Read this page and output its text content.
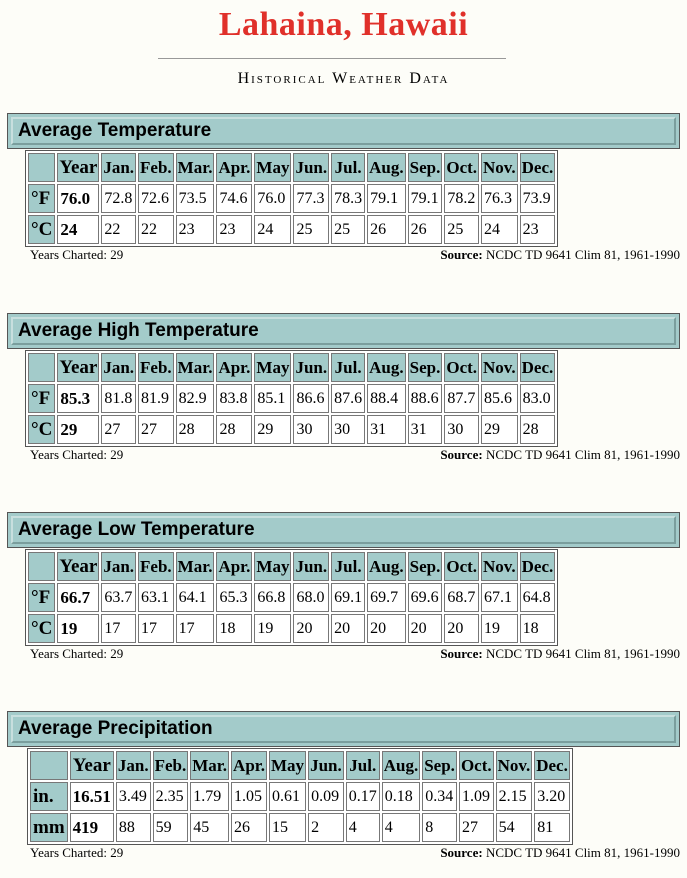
Lahaina, Hawaii
Historical Weather Data
Average Temperature
	Year	Jan.	Feb.	Mar.	Apr.	May	Jun.	Jul.	Aug.	Sep.	Oct.	Nov.	Dec.
°F	76.0	72.8	72.6	73.5	74.6	76.0	77.3	78.3	79.1	79.1	78.2	76.3	73.9
°C	24	22	22	23	23	24	25	25	26	26	25	24	23
Years Charted: 29	Source: NCDC TD 9641 Clim 81, 1961-1990
Average High Temperature
	Year	Jan.	Feb.	Mar.	Apr.	May	Jun.	Jul.	Aug.	Sep.	Oct.	Nov.	Dec.
°F	85.3	81.8	81.9	82.9	83.8	85.1	86.6	87.6	88.4	88.6	87.7	85.6	83.0
°C	29	27	27	28	28	29	30	30	31	31	30	29	28
Years Charted: 29	Source: NCDC TD 9641 Clim 81, 1961-1990
Average Low Temperature
	Year	Jan.	Feb.	Mar.	Apr.	May	Jun.	Jul.	Aug.	Sep.	Oct.	Nov.	Dec.
°F	66.7	63.7	63.1	64.1	65.3	66.8	68.0	69.1	69.7	69.6	68.7	67.1	64.8
°C	19	17	17	17	18	19	20	20	20	20	20	19	18
Years Charted: 29	Source: NCDC TD 9641 Clim 81, 1961-1990
Average Precipitation
	Year	Jan.	Feb.	Mar.	Apr.	May	Jun.	Jul.	Aug.	Sep.	Oct.	Nov.	Dec.
in.	16.51	3.49	2.35	1.79	1.05	0.61	0.09	0.17	0.18	0.34	1.09	2.15	3.20
mm	419	88	59	45	26	15	2	4	4	8	27	54	81
Years Charted: 29	Source: NCDC TD 9641 Clim 81, 1961-1990
